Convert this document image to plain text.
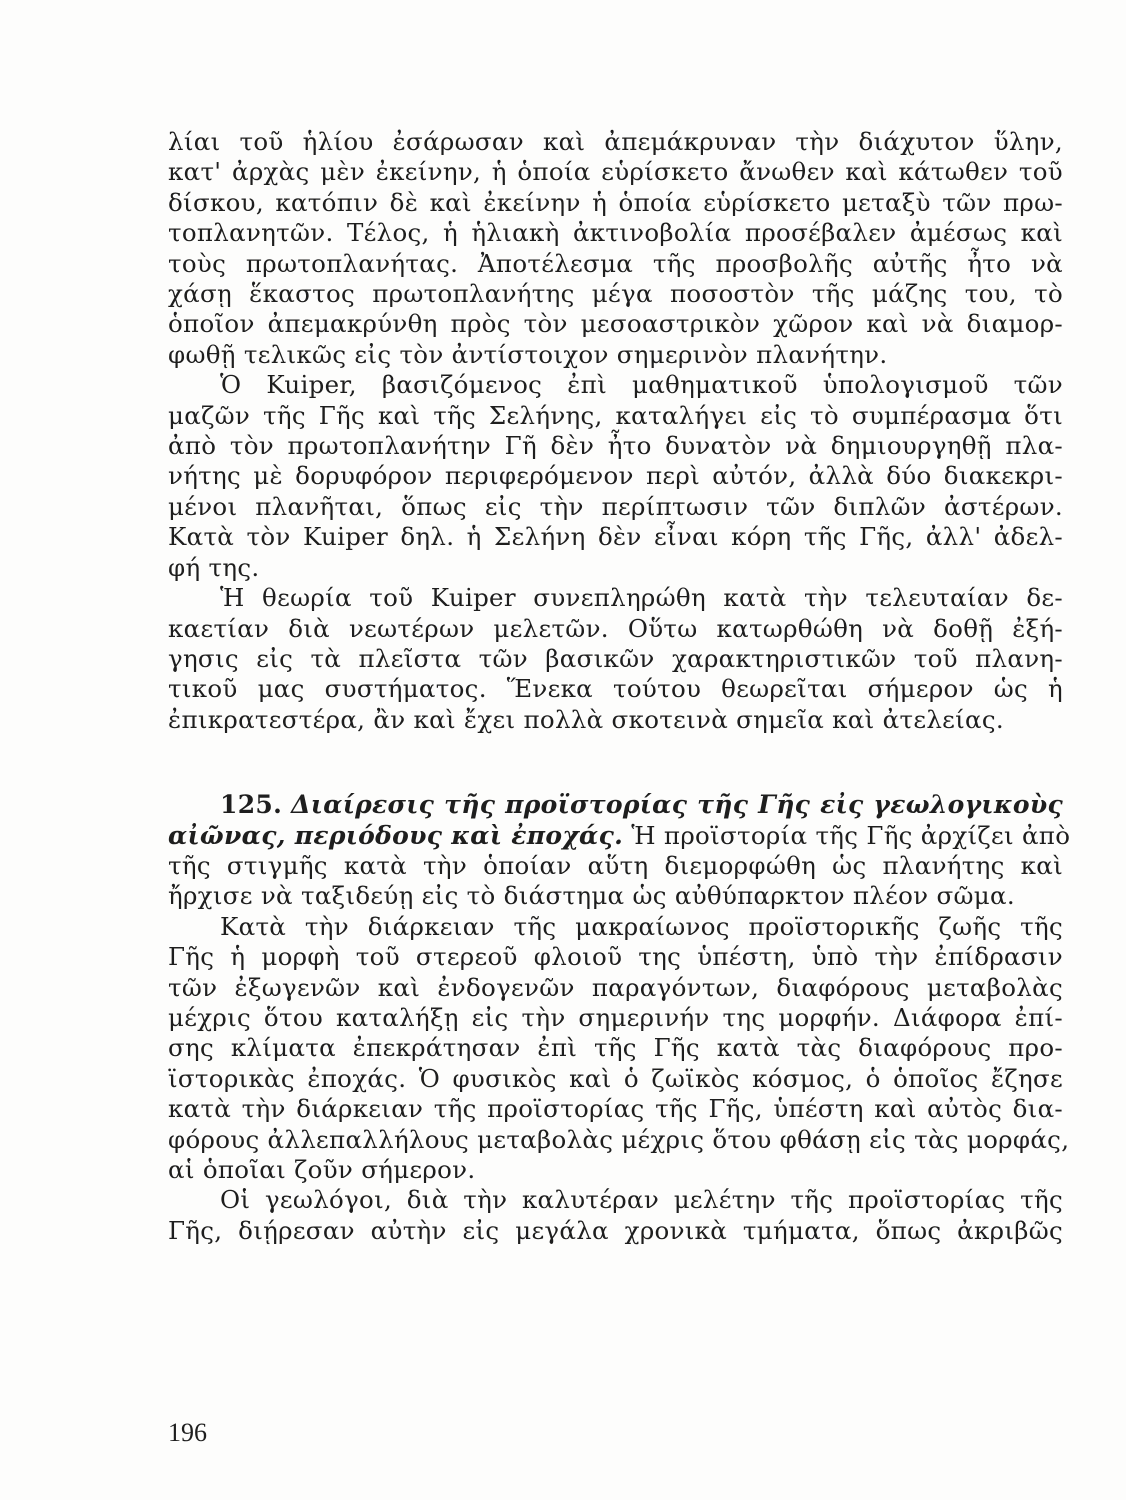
λίαι τοῦ ἡλίου ἐσάρωσαν καὶ ἀπεμάκρυναν τὴν διάχυτον ὕλην,
κατ' ἀρχὰς μὲν ἐκείνην, ἡ ὁποία εὑρίσκετο ἄνωθεν καὶ κάτωθεν τοῦ
δίσκου, κατόπιν δὲ καὶ ἐκείνην ἡ ὁποία εὑρίσκετο μεταξὺ τῶν πρω-
τοπλανητῶν. Τέλος, ἡ ἡλιακὴ ἀκτινοβολία προσέβαλεν ἀμέσως καὶ
τοὺς πρωτοπλανήτας. Ἀποτέλεσμα τῆς προσβολῆς αὐτῆς ἦτο νὰ
χάσῃ ἕκαστος πρωτοπλανήτης μέγα ποσοστὸν τῆς μάζης του, τὸ
ὁποῖον ἀπεμακρύνθη πρὸς τὸν μεσοαστρικὸν χῶρον καὶ νὰ διαμορ-
φωθῇ τελικῶς εἰς τὸν ἀντίστοιχον σημερινὸν πλανήτην.
Ὁ Kuiper, βασιζόμενος ἐπὶ μαθηματικοῦ ὑπολογισμοῦ τῶν
μαζῶν τῆς Γῆς καὶ τῆς Σελήνης, καταλήγει εἰς τὸ συμπέρασμα ὅτι
ἀπὸ τὸν πρωτοπλανήτην Γῆ δὲν ἦτο δυνατὸν νὰ δημιουργηθῇ πλα-
νήτης μὲ δορυφόρον περιφερόμενον περὶ αὐτόν, ἀλλὰ δύο διακεκρι-
μένοι πλανῆται, ὅπως εἰς τὴν περίπτωσιν τῶν διπλῶν ἀστέρων.
Κατὰ τὸν Kuiper δηλ. ἡ Σελήνη δὲν εἶναι κόρη τῆς Γῆς, ἀλλ' ἀδελ-
φή της.
Ἡ θεωρία τοῦ Kuiper συνεπληρώθη κατὰ τὴν τελευταίαν δε-
καετίαν διὰ νεωτέρων μελετῶν. Οὕτω κατωρθώθη νὰ δοθῇ ἐξή-
γησις εἰς τὰ πλεῖστα τῶν βασικῶν χαρακτηριστικῶν τοῦ πλανη-
τικοῦ μας συστήματος. Ἕνεκα τούτου θεωρεῖται σήμερον ὡς ἡ
ἐπικρατεστέρα, ἂν καὶ ἔχει πολλὰ σκοτεινὰ σημεῖα καὶ ἀτελείας.
125. Διαίρεσις τῆς προϊστορίας τῆς Γῆς εἰς γεωλογικοὺς
αἰῶνας, περιόδους καὶ ἐποχάς. Ἡ προϊστορία τῆς Γῆς ἀρχίζει ἀπὸ
τῆς στιγμῆς κατὰ τὴν ὁποίαν αὕτη διεμορφώθη ὡς πλανήτης καὶ
ἤρχισε νὰ ταξιδεύῃ εἰς τὸ διάστημα ὡς αὐθύπαρκτον πλέον σῶμα.
Κατὰ τὴν διάρκειαν τῆς μακραίωνος προϊστορικῆς ζωῆς τῆς
Γῆς ἡ μορφὴ τοῦ στερεοῦ φλοιοῦ της ὑπέστη, ὑπὸ τὴν ἐπίδρασιν
τῶν ἐξωγενῶν καὶ ἐνδογενῶν παραγόντων, διαφόρους μεταβολὰς
μέχρις ὅτου καταλήξῃ εἰς τὴν σημερινήν της μορφήν. Διάφορα ἐπί-
σης κλίματα ἐπεκράτησαν ἐπὶ τῆς Γῆς κατὰ τὰς διαφόρους προ-
ϊστορικὰς ἐποχάς. Ὁ φυσικὸς καὶ ὁ ζωϊκὸς κόσμος, ὁ ὁποῖος ἔζησε
κατὰ τὴν διάρκειαν τῆς προϊστορίας τῆς Γῆς, ὑπέστη καὶ αὐτὸς δια-
φόρους ἀλλεπαλλήλους μεταβολὰς μέχρις ὅτου φθάσῃ εἰς τὰς μορφάς,
αἱ ὁποῖαι ζοῦν σήμερον.
Οἱ γεωλόγοι, διὰ τὴν καλυτέραν μελέτην τῆς προϊστορίας τῆς
Γῆς, διῄρεσαν αὐτὴν εἰς μεγάλα χρονικὰ τμήματα, ὅπως ἀκριβῶς
196
